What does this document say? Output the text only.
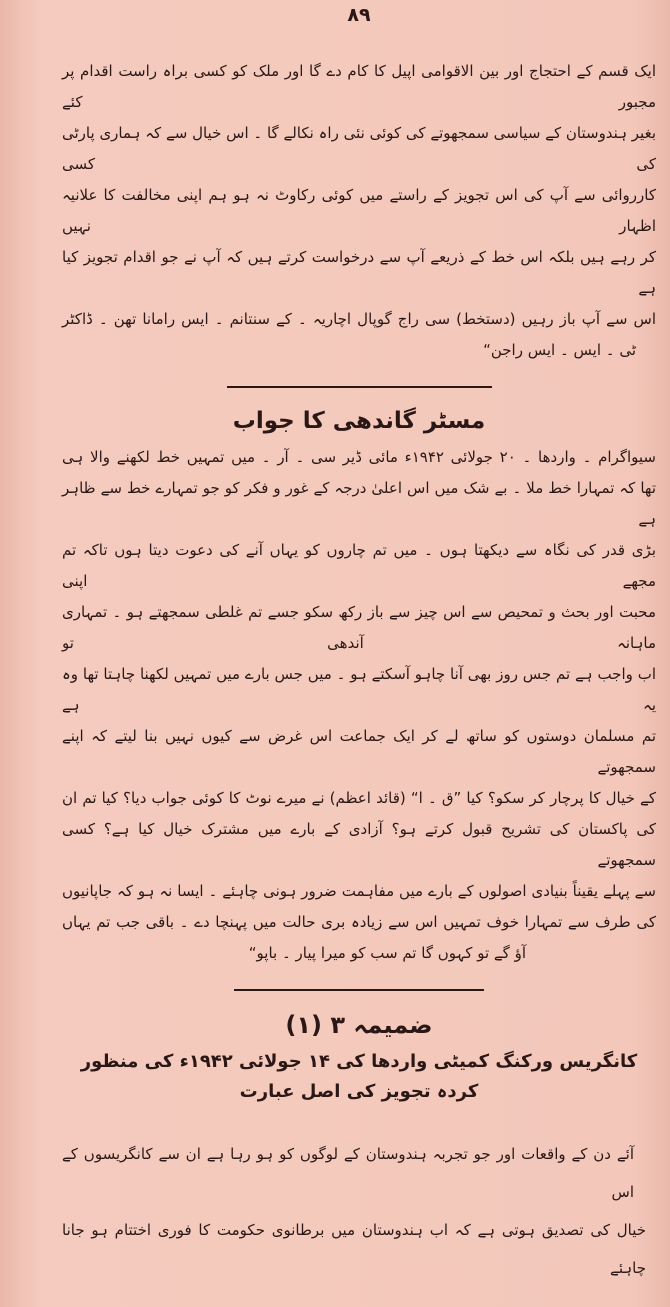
۸۹
ایک قسم کے احتجاج اور بین الاقوامی اپیل کا کام دے گا اور ملک کو کسی براہ راست اقدام پر مجبور کئے
بغیر ہندوستان کے سیاسی سمجھوتے کی کوئی نئی راہ نکالے گا ۔ اس خیال سے کہ ہماری پارٹی کی کسی
کارروائی سے آپ کی اس تجویز کے راستے میں کوئی رکاوٹ نہ ہو ہم اپنی مخالفت کا علانیہ اظہار نہیں
کر رہے ہیں بلکہ اس خط کے ذریعے آپ سے درخواست کرتے ہیں کہ آپ نے جو اقدام تجویز کیا ہے
اس سے آپ باز رہیں (دستخط) سی راج گوپال اچاریہ ۔ کے سنتانم ۔ ایس رامانا تھن ۔ ڈاکٹر
ٹی ۔ ایس ۔ ایس راجن“
مسٹر گاندھی کا جواب
سیواگرام ۔ واردھا ۔ ۲۰ جولائی ۱۹۴۲ء مائی ڈیر سی ۔ آر ۔ میں تمہیں خط لکھنے والا ہی
تھا کہ تمہارا خط ملا ۔ بے شک میں اس اعلیٰ درجہ کے غور و فکر کو جو تمہارے خط سے ظاہر ہے
بڑی قدر کی نگاہ سے دیکھتا ہوں ۔ میں تم چاروں کو یہاں آنے کی دعوت دیتا ہوں تاکہ تم مجھے اپنی
محبت اور بحث و تمحیص سے اس چیز سے باز رکھ سکو جسے تم غلطی سمجھتے ہو ۔ تمہاری ماہانہ آندھی تو
اب واجب ہے تم جس روز بھی آنا چاہو آسکتے ہو ۔ میں جس بارے میں تمہیں لکھنا چاہتا تھا وہ یہ ہے
تم مسلمان دوستوں کو ساتھ لے کر ایک جماعت اس غرض سے کیوں نہیں بنا لیتے کہ اپنے سمجھوتے
کے خیال کا پرچار کر سکو؟ کیا ”ق ۔ ا“ (قائد اعظم) نے میرے نوٹ کا کوئی جواب دیا؟ کیا تم ان
کی پاکستان کی تشریح قبول کرتے ہو؟ آزادی کے بارے میں مشترک خیال کیا ہے؟ کسی سمجھوتے
سے پہلے یقیناً بنیادی اصولوں کے بارے میں مفاہمت ضرور ہونی چاہئے ۔ ایسا نہ ہو کہ جاپانیوں
کی طرف سے تمہارا خوف تمہیں اس سے زیادہ بری حالت میں پہنچا دے ۔ باقی جب تم یہاں
آؤ گے تو کہوں گا تم سب کو میرا پیار ۔ باپو“
ضمیمہ ۳ (۱)
کانگریس ورکنگ کمیٹی واردھا کی ۱۴ جولائی ۱۹۴۲ء کی منظور کردہ تجویز کی اصل عبارت
آئے دن کے واقعات اور جو تجربہ ہندوستان کے لوگوں کو ہو رہا ہے ان سے کانگریسوں کے اس
خیال کی تصدیق ہوتی ہے کہ اب ہندوستان میں برطانوی حکومت کا فوری اختتام ہو جانا چاہئے
